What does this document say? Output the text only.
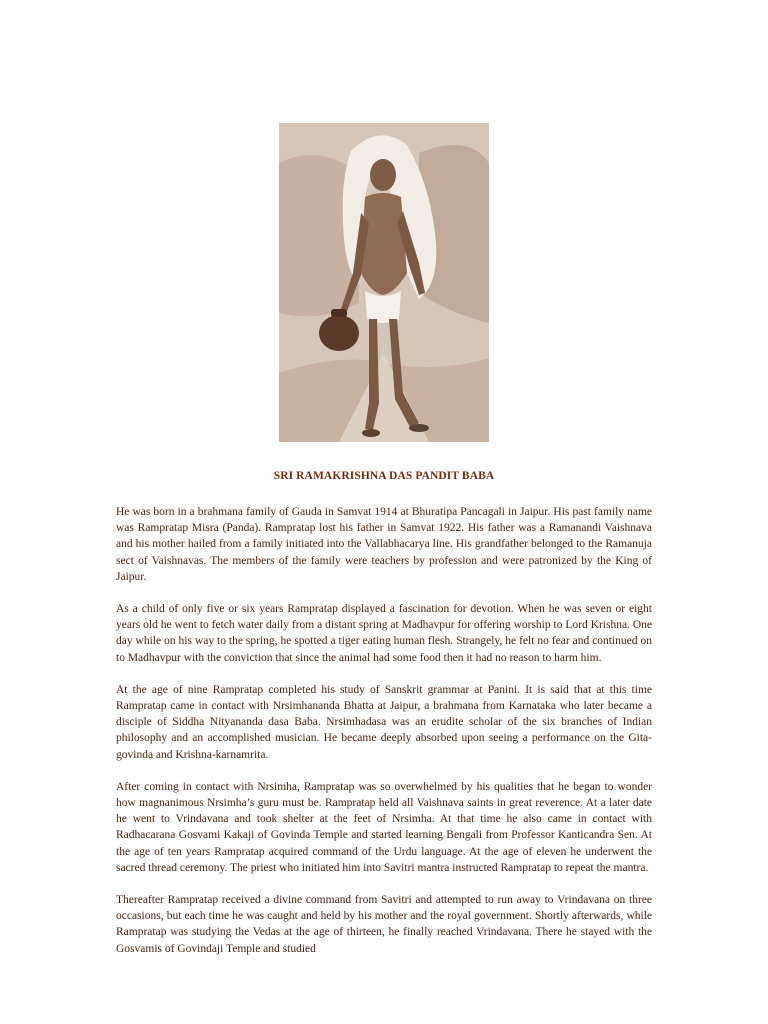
SRI RAMAKRISHNA DAS PANDIT BABA

He was born in a brahmana family of Gauda in Samvat 1914 at Bhuratipa Pancagali in Jaipur. His past family name was Rampratap Misra (Panda). Rampratap lost his father in Samvat 1922. His father was a Ramanandi Vaishnava and his mother hailed from a family initiated into the Vallabhacarya line. His grandfather belonged to the Ramanuja sect of Vaishnavas. The members of the family were teachers by profession and were patronized by the King of Jaipur.

As a child of only five or six years Rampratap displayed a fascination for devotion. When he was seven or eight years old he went to fetch water daily from a distant spring at Madhavpur for offering worship to Lord Krishna. One day while on his way to the spring, he spotted a tiger eating human flesh. Strangely, he felt no fear and continued on to Madhavpur with the conviction that since the animal had some food then it had no reason to harm him.

At the age of nine Rampratap completed his study of Sanskrit grammar at Panini. It is said that at this time Rampratap came in contact with Nrsimhananda Bhatta at Jaipur, a brahmana from Karnataka who later became a disciple of Siddha Nityananda dasa Baba. Nrsimhadasa was an erudite scholar of the six branches of Indian philosophy and an accomplished musician. He became deeply absorbed upon seeing a performance on the Gita-govinda and Krishna-karnamrita.

After coming in contact with Nrsimha, Rampratap was so overwhelmed by his qualities that he began to wonder how magnanimous Nrsimha’s guru must be. Rampratap held all Vaishnava saints in great reverence. At a later date he went to Vrindavana and took shelter at the feet of Nrsimha. At that time he also came in contact with Radhacarana Gosvami Kakaji of Govinda Temple and started learning Bengali from Professor Kanticandra Sen. At the age of ten years Rampratap acquired command of the Urdu language. At the age of eleven he underwent the sacred thread ceremony. The priest who initiated him into Savitri mantra instructed Rampratap to repeat the mantra.

Thereafter Rampratap received a divine command from Savitri and attempted to run away to Vrindavana on three occasions, but each time he was caught and held by his mother and the royal government. Shortly afterwards, while Rampratap was studying the Vedas at the age of thirteen, he finally reached Vrindavana. There he stayed with the Gosvamis of Govindaji Temple and studied
